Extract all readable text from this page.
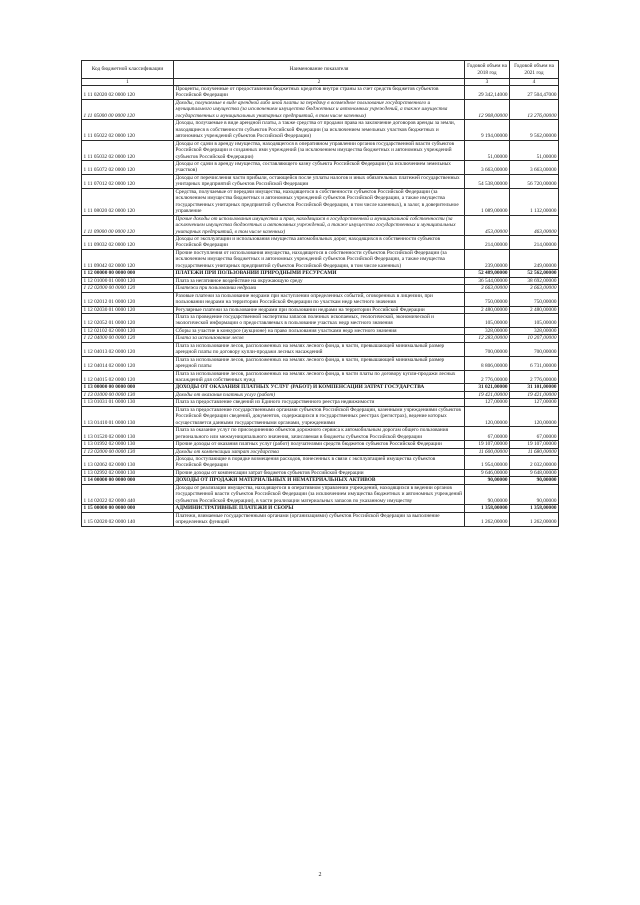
Код бюджетной классификации	Наименование показателя	Годовой объем на 2018 год	Годовой объем на 2021 год
1	2	3	4
1 11 02020 02 0000 120	Проценты, полученные от предоставления бюджетных кредитов внутри страны за счет средств бюджетов субъектов Российской Федерации	29 342,14000	27 504,47000
1 11 05000 00 0000 120	Доходы, получаемые в виде арендной либо иной платы за передачу в возмездное пользование государственного и муниципального имущества (за исключением имущества бюджетных и автономных учреждений, а также имущества государственных и муниципальных унитарных предприятий, в том числе казенных)	12 908,00000	13 276,00000
1 11 05022 02 0000 120	Доходы, получаемые в виде арендной платы, а также средства от продажи права на заключение договоров аренды за земли, находящиеся в собственности субъектов Российской Федерации (за исключением земельных участков бюджетных и автономных учреждений субъектов Российской Федерации)	9 194,00000	9 562,00000
1 11 05032 02 0000 120	Доходы от сдачи в аренду имущества, находящегося в оперативном управлении органов государственной власти субъектов Российской Федерации и созданных ими учреждений (за исключением имущества бюджетных и автономных учреждений субъектов Российской Федерации)	51,00000	51,00000
1 11 05072 02 0000 120	Доходы от сдачи в аренду имущества, составляющего казну субъекта Российской Федерации (за исключением земельных участков)	3 663,00000	3 663,00000
1 11 07012 02 0000 120	Доходы от перечисления части прибыли, остающейся после уплаты налогов и иных обязательных платежей государственных унитарных предприятий субъектов Российской Федерации	54 538,00000	56 720,00000
1 11 08020 02 0000 120	Средства, получаемые от передачи имущества, находящегося в собственности субъектов Российской Федерации (за исключением имущества бюджетных и автономных учреждений субъектов Российской Федерации, а также имущества государственных унитарных предприятий субъектов Российской Федерации, в том числе казенных), в залог, в доверительное управление	1 089,00000	1 132,00000
1 11 09000 00 0000 120	Прочие доходы от использования имущества и прав, находящихся в государственной и муниципальной собственности (за исключением имущества бюджетных и автономных учреждений, а также имущества государственных и муниципальных унитарных предприятий, в том числе казенных)	453,00000	463,00000
1 11 09032 02 0000 120	Доходы от эксплуатации и использования имущества автомобильных дорог, находящихся в собственности субъектов Российской Федерации	214,00000	214,00000
1 11 09042 02 0000 120	Прочие поступления от использования имущества, находящегося в собственности субъектов Российской Федерации (за исключением имущества бюджетных и автономных учреждений субъектов Российской Федерации, а также имущества государственных унитарных предприятий субъектов Российской Федерации, в том числе казенных)	239,00000	249,00000
1 12 00000 00 0000 000	ПЛАТЕЖИ ПРИ ПОЛЬЗОВАНИИ ПРИРОДНЫМИ РЕСУРСАМИ	52 489,00000	52 562,00000
1 12 01000 01 0000 120	Плата за негативное воздействие на окружающую среду	36 544,00000	38 692,00000
1 12 02000 00 0000 120	Платежи при пользовании недрами	3 663,00000	3 663,00000
1 12 02012 01 0000 120	Разовые платежи за пользование недрами при наступлении определенных событий, оговоренных в лицензии, при пользовании недрами на территории Российской Федерации по участкам недр местного значения	750,00000	750,00000
1 12 02030 01 0000 120	Регулярные платежи за пользование недрами при пользовании недрами на территории Российской Федерации	2 480,00000	2 480,00000
1 12 02052 01 0000 120	Плата за проведение государственной экспертизы запасов полезных ископаемых, геологической, экономической и экологической информации о предоставляемых в пользование участках недр местного значения	105,00000	105,00000
1 12 02102 02 0000 120	Сборы за участие в конкурсе (аукционе) на право пользования участками недр местного значения	328,00000	328,00000
1 12 04000 00 0000 120	Плата за использование лесов	12 283,00000	10 207,00000
1 12 04013 02 0000 120	Плата за использование лесов, расположенных на землях лесного фонда, в части, превышающей минимальный размер арендной платы по договору купли-продажи лесных насаждений	700,00000	700,00000
1 12 04014 02 0000 120	Плата за использование лесов, расположенных на землях лесного фонда, в части, превышающей минимальный размер арендной платы	8 806,00000	6 731,00000
1 12 04015 02 0000 120	Плата за использование лесов, расположенных на землях лесного фонда, в части платы по договору купли-продажи лесных насаждений для собственных нужд	2 776,00000	2 776,00000
1 13 00000 00 0000 000	ДОХОДЫ ОТ ОКАЗАНИЯ ПЛАТНЫХ УСЛУГ (РАБОТ) И КОМПЕНСАЦИИ ЗАТРАТ ГОСУДАРСТВА	31 021,00000	31 101,00000
1 13 01000 00 0000 130	Доходы от оказания платных услуг (работ)	19 421,00000	19 421,00000
1 13 01031 01 0000 130	Плата за предоставление сведений из Единого государственного реестра недвижимости	127,00000	127,00000
1 13 01410 01 0000 130	Плата за предоставление государственными органами субъектов Российской Федерации, казенными учреждениями субъектов Российской Федерации сведений, документов, содержащихся в государственных реестрах (регистрах), ведение которых осуществляется данными государственными органами, учреждениями	120,00000	120,00000
1 13 01520 02 0000 130	Плата за оказание услуг по присоединению объектов дорожного сервиса к автомобильным дорогам общего пользования регионального или межмуниципального значения, зачисляемая в бюджеты субъектов Российской Федерации	67,00000	67,00000
1 13 01992 02 0000 130	Прочие доходы от оказания платных услуг (работ) получателями средств бюджетов субъектов Российской Федерации	19 107,00000	19 107,00000
1 13 02000 00 0000 130	Доходы от компенсации затрат государства	11 600,00000	11 680,00000
1 13 02062 02 0000 130	Доходы, поступающие в порядке возмещения расходов, понесенных в связи с эксплуатацией имущества субъектов Российской Федерации	1 954,00000	2 032,00000
1 13 02992 02 0000 130	Прочие доходы от компенсации затрат бюджетов субъектов Российской Федерации	9 646,00000	9 648,00000
1 14 00000 00 0000 000	ДОХОДЫ ОТ ПРОДАЖИ МАТЕРИАЛЬНЫХ И НЕМАТЕРИАЛЬНЫХ АКТИВОВ	90,00000	90,00000
1 14 02022 02 0000 440	Доходы от реализации имущества, находящегося в оперативном управлении учреждений, находящихся в ведении органов государственной власти субъектов Российской Федерации (за исключением имущества бюджетных и автономных учреждений субъектов Российской Федерации), в части реализации материальных запасов по указанному имуществу	90,00000	90,00000
1 15 00000 00 0000 000	АДМИНИСТРАТИВНЫЕ ПЛАТЕЖИ И СБОРЫ	1 358,00000	1 358,00000
1 15 02020 02 0000 140	Платежи, взимаемые государственными органами (организациями) субъектов Российской Федерации за выполнение определенных функций	1 262,00000	1 262,00000
2
